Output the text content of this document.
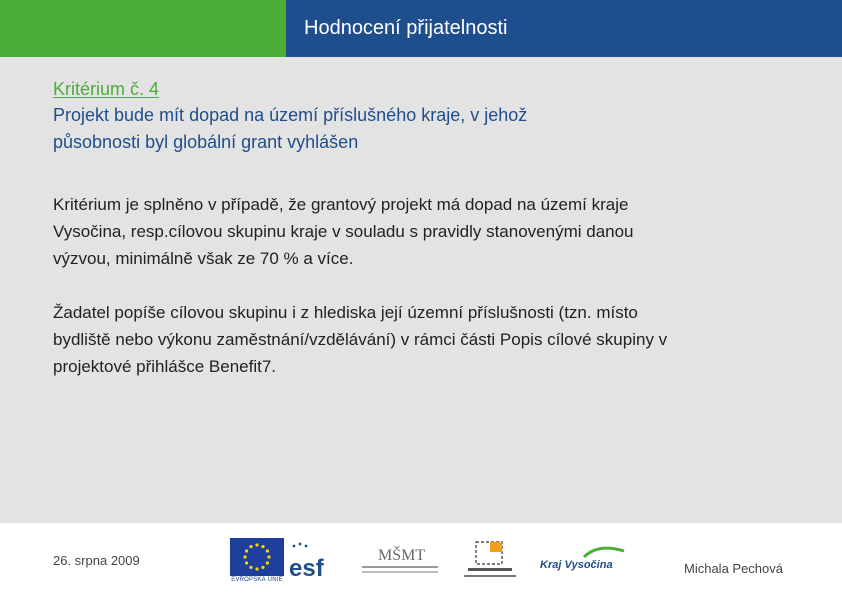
Hodnocení přijatelnosti
Kritérium č. 4
Projekt bude mít dopad na území příslušného kraje, v jehož
působnosti byl globální grant vyhlášen
Kritérium je splněno v případě, že grantový projekt má dopad na území kraje
Vysočina, resp.cílovou skupinu kraje v souladu s pravidly stanovenými danou
výzvou, minimálně však ze 70 % a více.
Žadatel popíše cílovou skupinu i z hlediska její územní příslušnosti (tzn. místo
bydliště nebo výkonu zaměstnání/vzdělávání) v rámci části Popis cílové skupiny v
projektové přihlášce Benefit7.
26. srpna 2009
EVROPSKÁ UNIE esf	MŠMT
Kraj Vysočina	Michala Pechová
